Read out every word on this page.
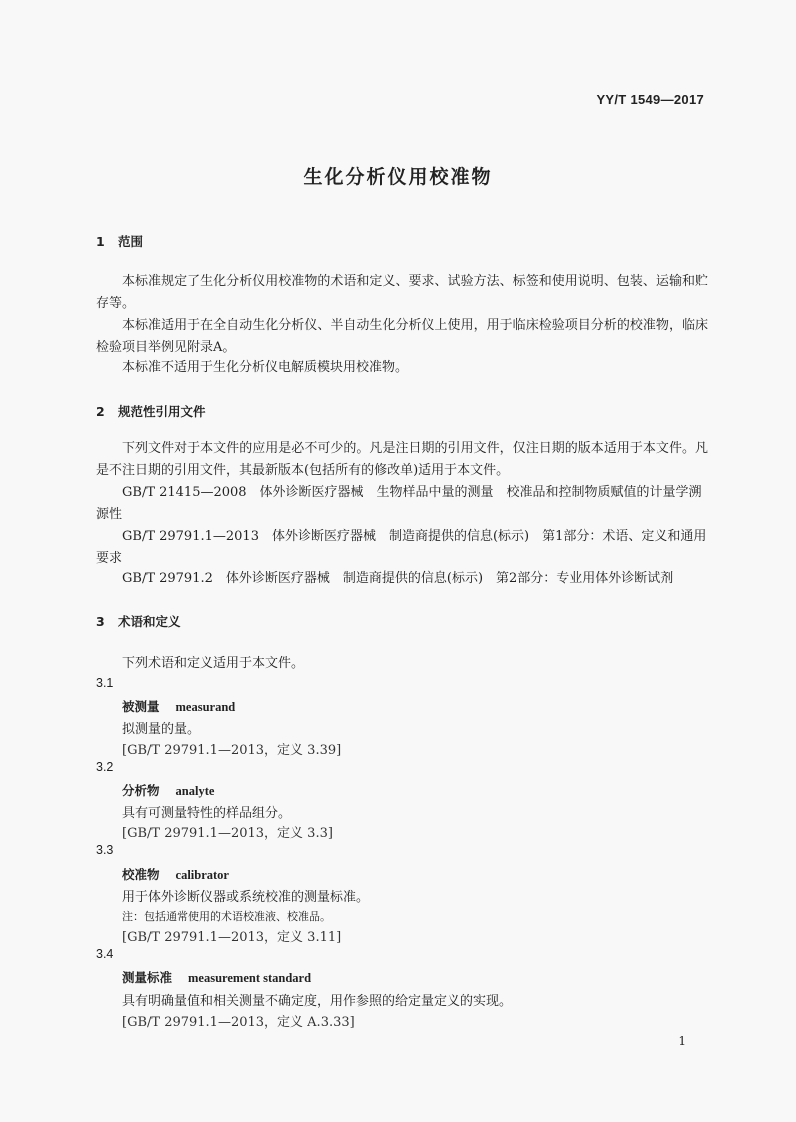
YY/T 1549—2017
生化分析仪用校准物
1 范围
本标准规定了生化分析仪用校准物的术语和定义、要求、试验方法、标签和使用说明、包装、运输和贮存等。
本标准适用于在全自动生化分析仪、半自动生化分析仪上使用，用于临床检验项目分析的校准物，临床检验项目举例见附录A。
本标准不适用于生化分析仪电解质模块用校准物。
2 规范性引用文件
下列文件对于本文件的应用是必不可少的。凡是注日期的引用文件，仅注日期的版本适用于本文件。凡是不注日期的引用文件，其最新版本(包括所有的修改单)适用于本文件。
GB/T 21415—2008　体外诊断医疗器械　生物样品中量的测量　校准品和控制物质赋值的计量学溯源性
GB/T 29791.1—2013　体外诊断医疗器械　制造商提供的信息(标示)　第1部分：术语、定义和通用要求
GB/T 29791.2　体外诊断医疗器械　制造商提供的信息(标示)　第2部分：专业用体外诊断试剂
3 术语和定义
下列术语和定义适用于本文件。
3.1
被测量 measurand
拟测量的量。
[GB/T 29791.1—2013，定义 3.39]
3.2
分析物 analyte
具有可测量特性的样品组分。
[GB/T 29791.1—2013，定义 3.3]
3.3
校准物 calibrator
用于体外诊断仪器或系统校准的测量标准。
注：包括通常使用的术语校准液、校准品。
[GB/T 29791.1—2013，定义 3.11]
3.4
测量标准 measurement standard
具有明确量值和相关测量不确定度，用作参照的给定量定义的实现。
[GB/T 29791.1—2013，定义 A.3.33]
1
